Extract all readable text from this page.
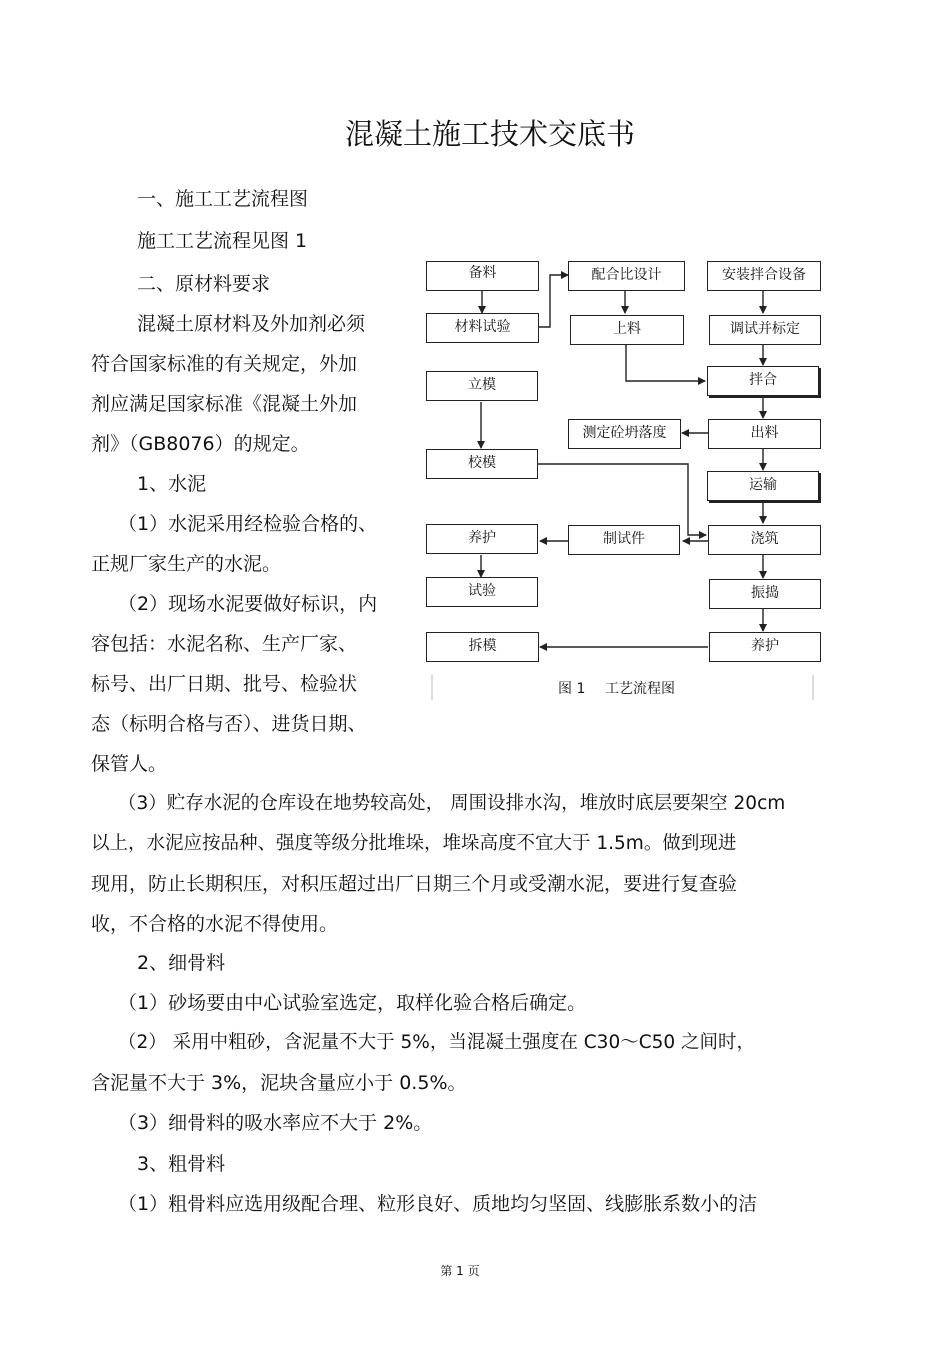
混凝土施工技术交底书

一、施工工艺流程图

施工工艺流程见图 1

二、原材料要求

混凝土原材料及外加剂必须

符合国家标准的有关规定，外加

剂应满足国家标准《混凝土外加

剂》（GB8076）的规定。

1、水泥

（1）水泥采用经检验合格的、

正规厂家生产的水泥。

（2）现场水泥要做好标识，内

容包括：水泥名称、生产厂家、

标号、出厂日期、批号、检验状

态（标明合格与否）、进货日期、

保管人。

（3）贮存水泥的仓库设在地势较高处， 周围设排水沟，堆放时底层要架空 20cm

以上，水泥应按品种、强度等级分批堆垛，堆垛高度不宜大于 1.5m。做到现进

现用，防止长期积压，对积压超过出厂日期三个月或受潮水泥，要进行复查验

收，不合格的水泥不得使用。

2、细骨料

（1）砂场要由中心试验室选定，取样化验合格后确定。

（2） 采用中粗砂，含泥量不大于 5%，当混凝土强度在 C30～C50 之间时，

含泥量不大于 3%，泥块含量应小于 0.5%。

（3）细骨料的吸水率应不大于 2%。

3、粗骨料

（1）粗骨料应选用级配合理、粒形良好、质地均匀坚固、线膨胀系数小的洁

备料
材料试验
配合比设计
上料
安装拌合设备
调试并标定
拌合
出料
测定砼坍落度
立模
校模
运输
浇筑
制试件
养护
试验	振捣
养护
拆模
图 1 工艺流程图
第 1 页
